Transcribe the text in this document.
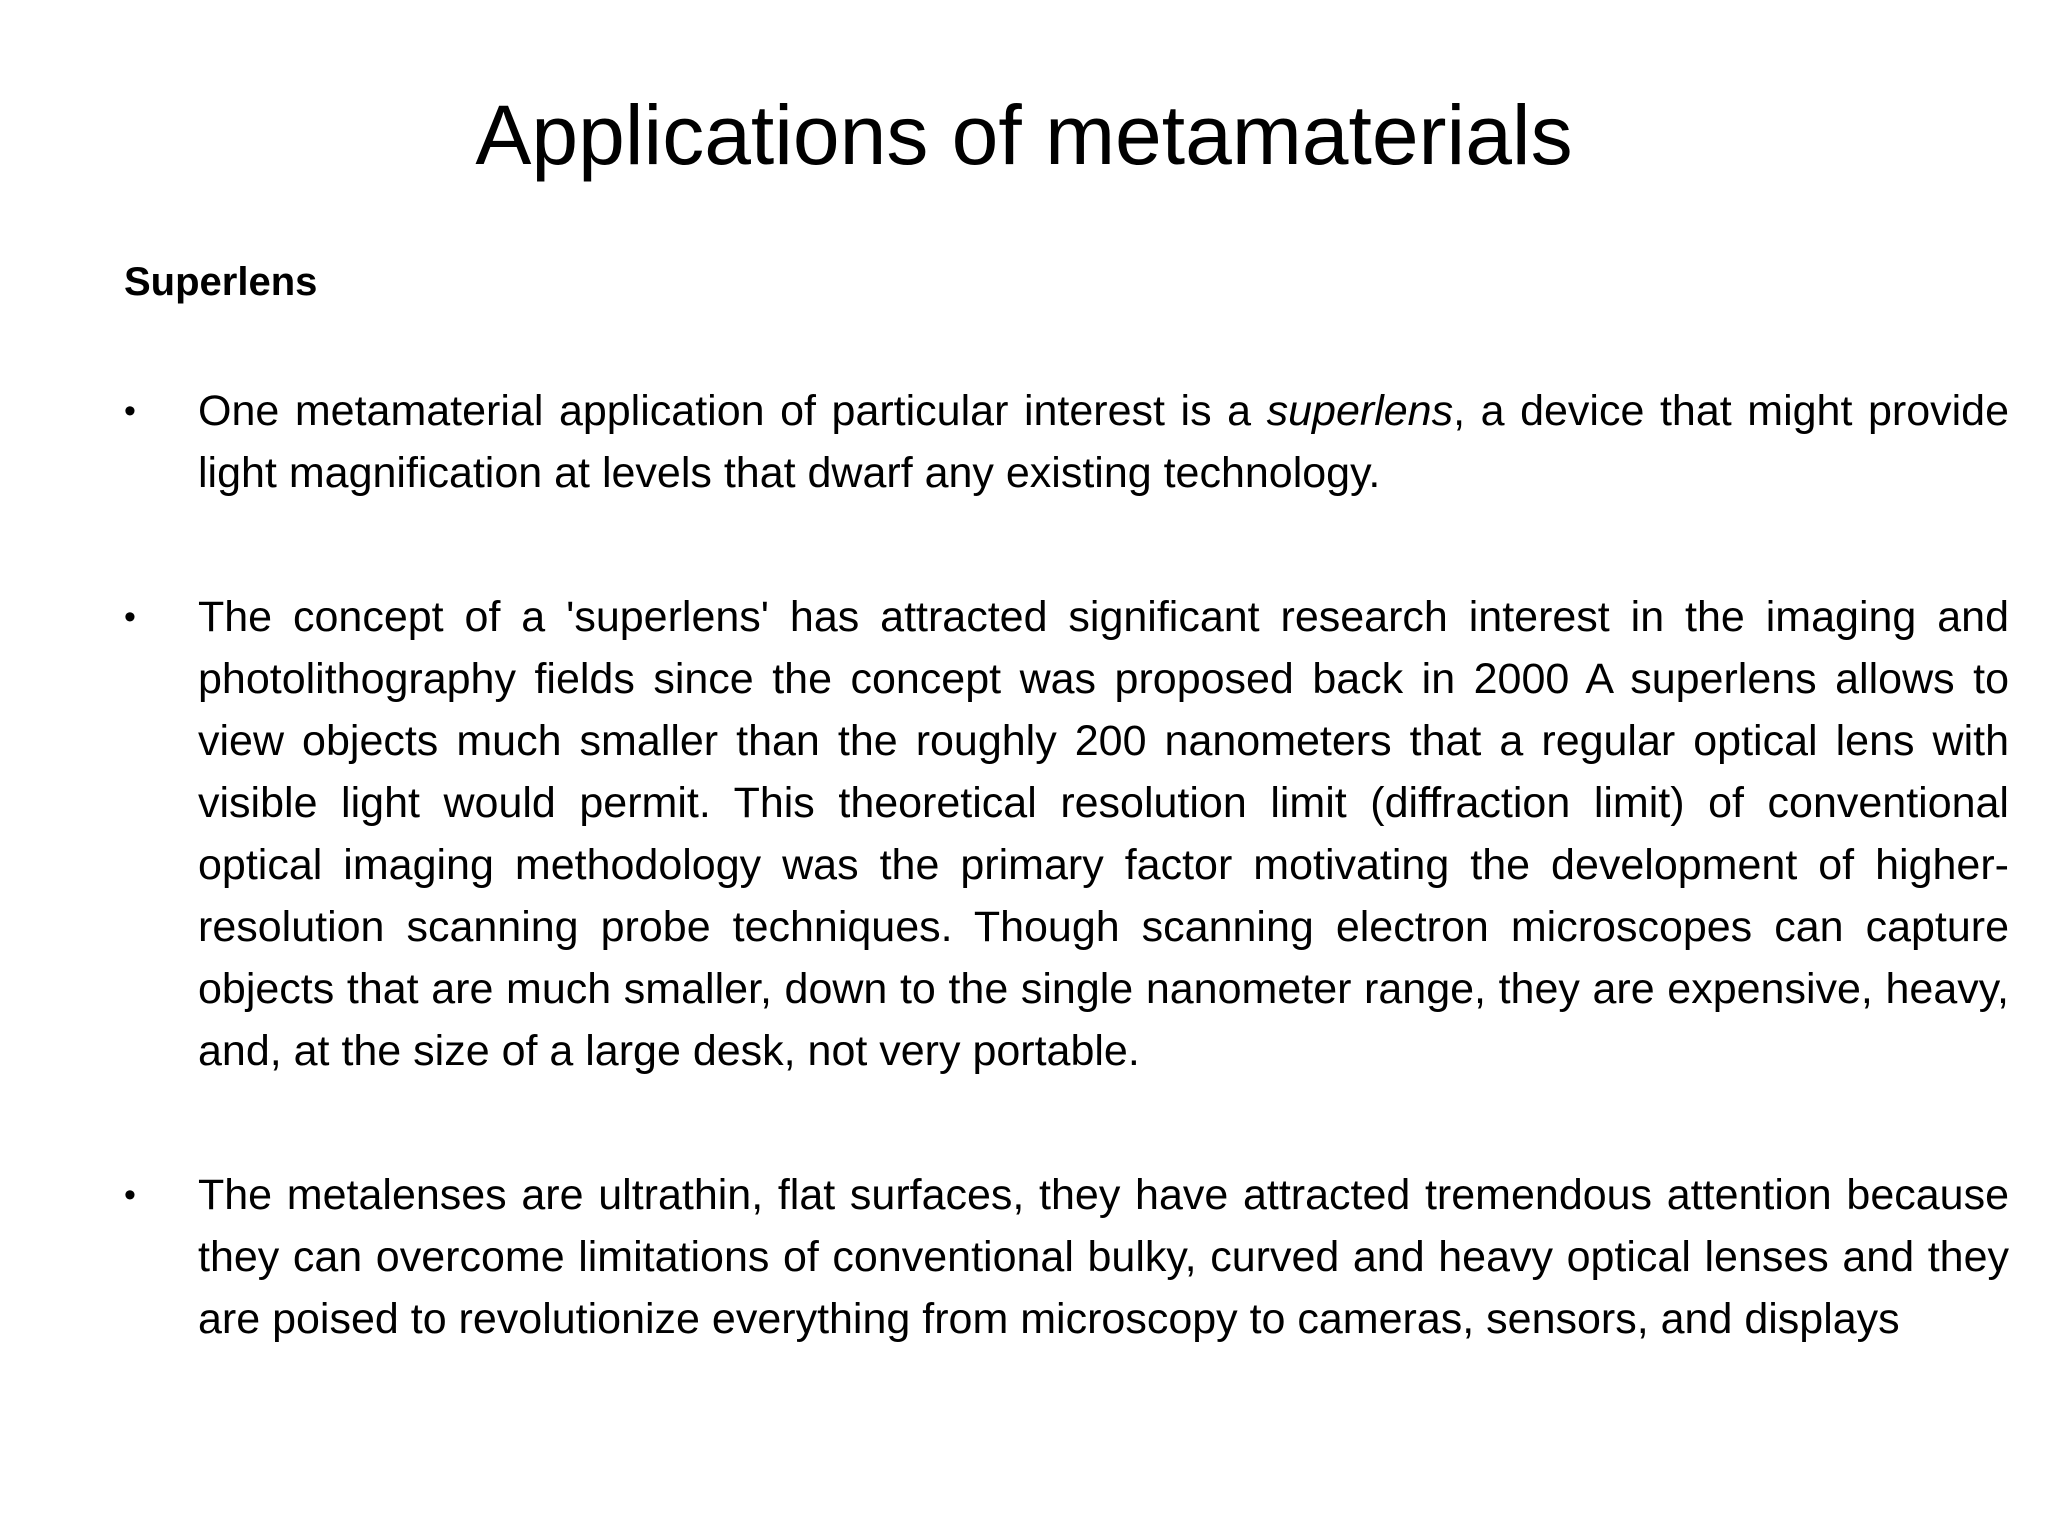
Applications of metamaterials
Superlens
• One metamaterial application of particular interest is a superlens, a device that might provide light magnification at levels that dwarf any existing technology.
• The concept of a 'superlens' has attracted significant research interest in the imaging and photolithography fields since the concept was proposed back in 2000 A superlens allows to view objects much smaller than the roughly 200 nanometers that a regular optical lens with visible light would permit. This theoretical resolution limit (diffraction limit) of conventional optical imaging methodology was the primary factor motivating the development of higher-resolution scanning probe techniques. Though scanning electron microscopes can capture objects that are much smaller, down to the single nanometer range, they are expensive, heavy, and, at the size of a large desk, not very portable.
• The metalenses are ultrathin, flat surfaces, they have attracted tremendous attention because they can overcome limitations of conventional bulky, curved and heavy optical lenses and they are poised to revolutionize everything from microscopy to cameras, sensors, and displays
